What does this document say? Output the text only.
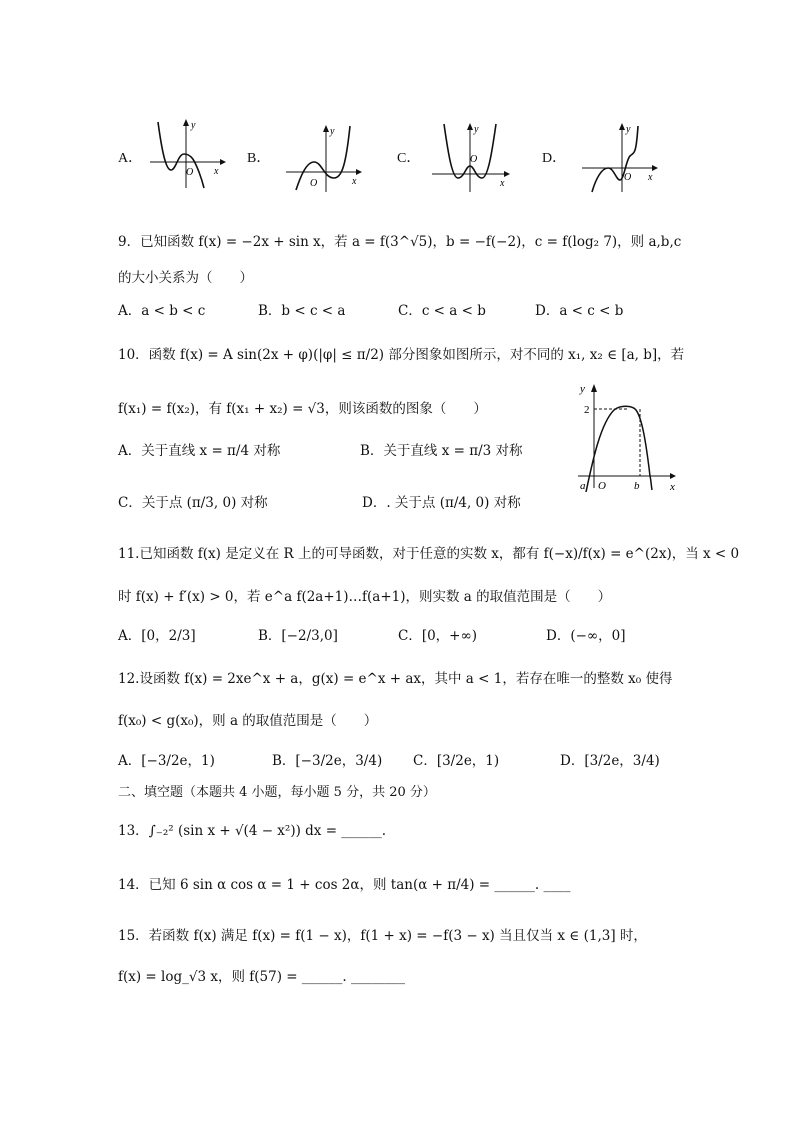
A．
y
x
O
B．
y
x
O
C．
y
x
O	D．
y
x
O
9．已知函数 f(x) = −2x + sin x，若 a = f(3^√5)，b = −f(−2)，c = f(log₂ 7)，则 a,b,c
的大小关系为（　　）
A．a < b < c	B．b < c < a	C．c < a < b	D．a < c < b
10．函数 f(x) = A sin(2x + φ)(|φ| ≤ π/2) 部分图象如图所示，对不同的 x₁, x₂ ∈ [a, b]，若
f(x₁) = f(x₂)，有 f(x₁ + x₂) = √3，则该函数的图象（　　）
A．关于直线 x = π/4 对称	B．关于直线 x = π/3 对称
C．关于点 (π/3, 0) 对称	D．. 关于点 (π/4, 0) 对称
y
x
2
a O	b
11.已知函数 f(x) 是定义在 R 上的可导函数，对于任意的实数 x，都有 f(−x)/f(x) = e^(2x)，当 x < 0
时 f(x) + f′(x) > 0，若 e^a f(2a+1)…f(a+1)，则实数 a 的取值范围是（　　）
A．[0，2/3]	B．[−2/3,0]	C．[0，+∞)	D．(−∞，0]
12.设函数 f(x) = 2xe^x + a，g(x) = e^x + ax，其中 a < 1，若存在唯一的整数 x₀ 使得
f(x₀) < g(x₀)，则 a 的取值范围是（　　）
A．[−3/2e，1)	B．[−3/2e，3/4) C．[3/2e，1)	D．[3/2e，3/4)
二、填空题（本题共 4 小题，每小题 5 分，共 20 分）
13．∫₋₂² (sin x + √(4 − x²)) dx = ______.
14．已知 6 sin α cos α = 1 + cos 2α，则 tan(α + π/4) = ______. ____
15．若函数 f(x) 满足 f(x) = f(1 − x)，f(1 + x) = −f(3 − x) 当且仅当 x ∈ (1,3] 时，
f(x) = log_√3 x，则 f(57) = ______. ________
